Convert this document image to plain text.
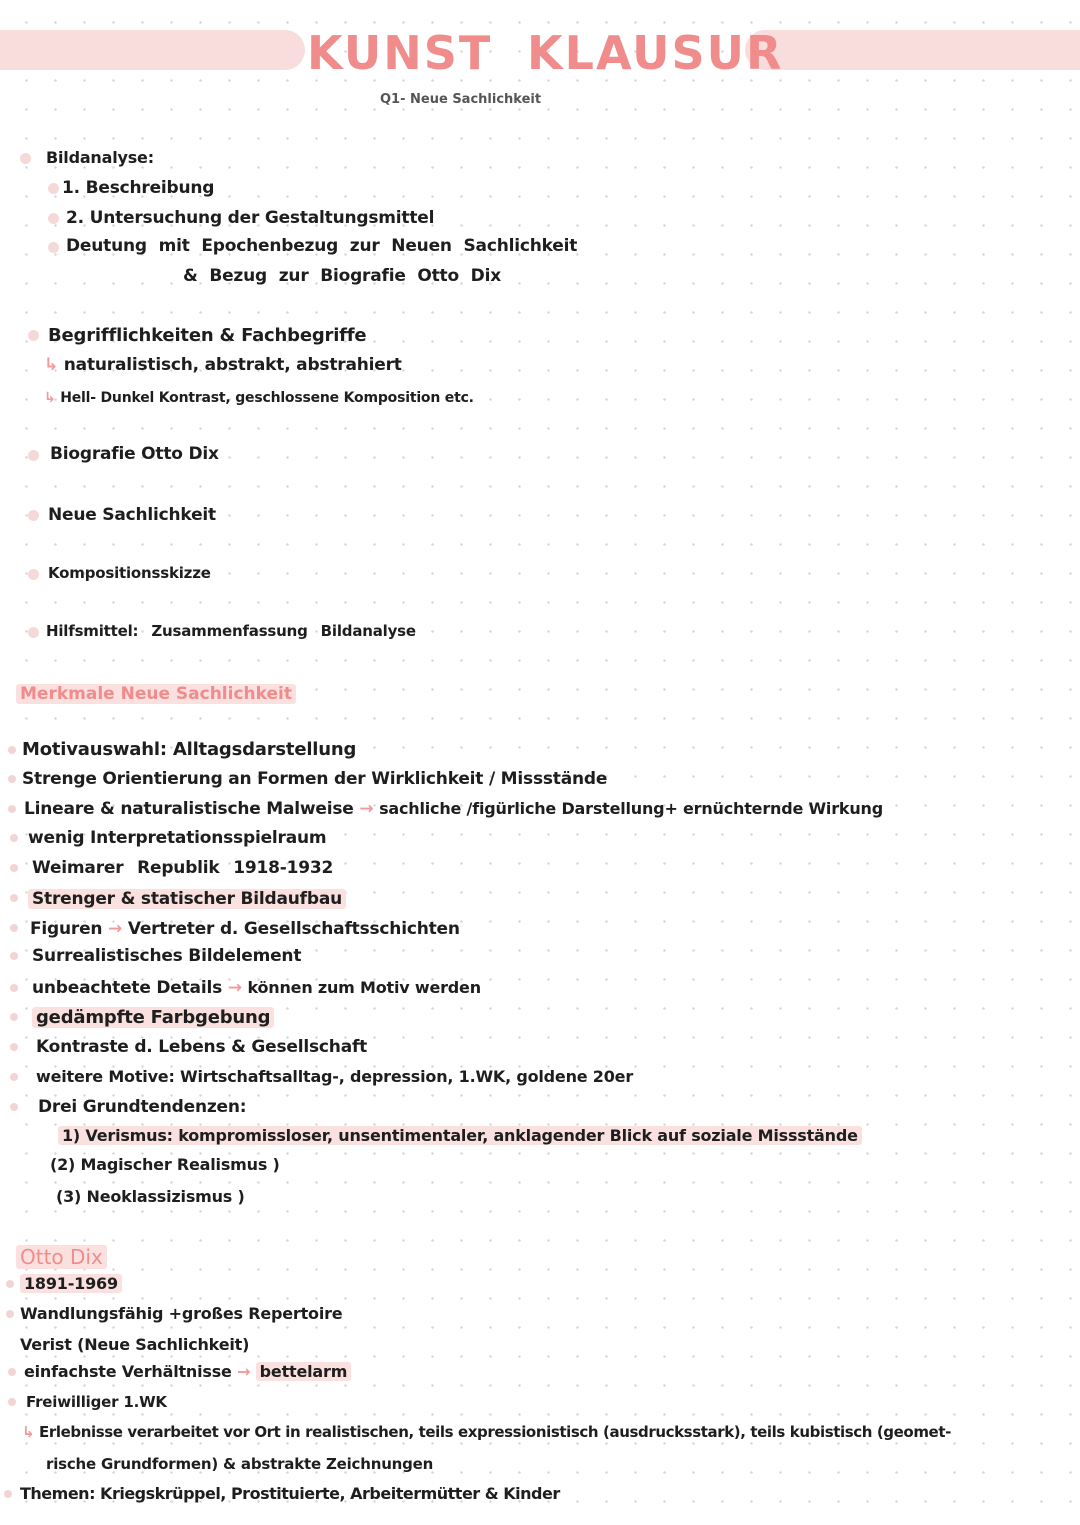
KUNST KLAUSUR
Q1- Neue Sachlichkeit
Bildanalyse:
1. Beschreibung
2. Untersuchung der Gestaltungsmittel
Deutung mit Epochenbezug zur Neuen Sachlichkeit
& Bezug zur Biografie Otto Dix
Begrifflichkeiten & Fachbegriffe
↳ naturalistisch, abstrakt, abstrahiert
↳ Hell- Dunkel Kontrast, geschlossene Komposition etc.
Biografie Otto Dix
Neue Sachlichkeit
Kompositionsskizze
Hilfsmittel: Zusammenfassung Bildanalyse
Merkmale Neue Sachlichkeit
Motivauswahl: Alltagsdarstellung
Strenge Orientierung an Formen der Wirklichkeit / Missstände
Lineare & naturalistische Malweise → sachliche /figürliche Darstellung+ ernüchternde Wirkung
wenig Interpretationsspielraum
Weimarer Republik 1918-1932
Strenger & statischer Bildaufbau
Figuren → Vertreter d. Gesellschaftsschichten
Surrealistisches Bildelement
unbeachtete Details → können zum Motiv werden
gedämpfte Farbgebung
Kontraste d. Lebens & Gesellschaft
weitere Motive: Wirtschaftsalltag-, depression, 1.WK, goldene 20er
Drei Grundtendenzen:
1) Verismus: kompromissloser, unsentimentaler, anklagender Blick auf soziale Missstände
(2) Magischer Realismus )
(3) Neoklassizismus )
Otto Dix
1891-1969
Wandlungsfähig +großes Repertoire
Verist (Neue Sachlichkeit)
einfachste Verhältnisse → bettelarm
Freiwilliger 1.WK
↳ Erlebnisse verarbeitet vor Ort in realistischen, teils expressionistisch (ausdrucksstark), teils kubistisch (geomet-
rische Grundformen) & abstrakte Zeichnungen
Themen: Kriegskrüppel, Prostituierte, Arbeitermütter & Kinder
